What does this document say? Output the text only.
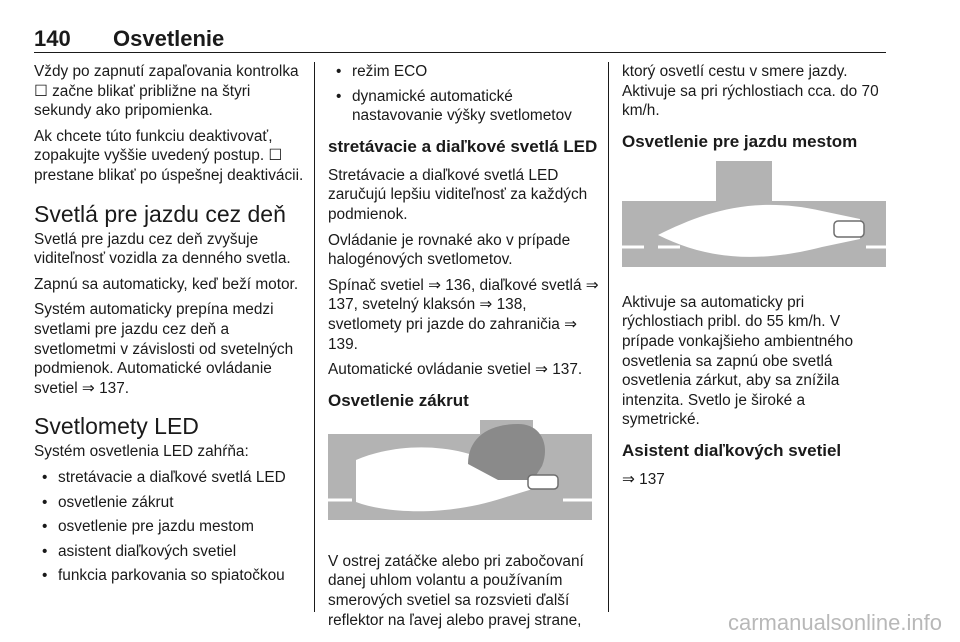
140 Osvetlenie

Vždy po zapnutí zapaľovania kontrolka ☐ začne blikať približne na štyri sekundy ako pripomienka.

Ak chcete túto funkciu deaktivovať, zopakujte vyššie uvedený postup. ☐ prestane blikať po úspešnej deaktivácii.

Svetlá pre jazdu cez deň

Svetlá pre jazdu cez deň zvyšuje viditeľnosť vozidla za denného svetla.

Zapnú sa automaticky, keď beží motor.

Systém automaticky prepína medzi svetlami pre jazdu cez deň a svetlometmi v závislosti od svetelných podmienok. Automatické ovládanie svetiel ⇒ 137.

Svetlomety LED

Systém osvetlenia LED zahŕňa:

• stretávacie a diaľkové svetlá LED
• osvetlenie zákrut
• osvetlenie pre jazdu mestom
• asistent diaľkových svetiel
• funkcia parkovania so spiatočkou
• režim ECO
• dynamické automatické nastavovanie výšky svetlometov
stretávacie a diaľkové svetlá LED

Stretávacie a diaľkové svetlá LED zaručujú lepšiu viditeľnosť za každých podmienok.

Ovládanie je rovnaké ako v prípade halogénových svetlometov.

Spínač svetiel ⇒ 136, diaľkové svetlá ⇒ 137, svetelný klaksón ⇒ 138, svetlomety pri jazde do zahraničia ⇒ 139.

Automatické ovládanie svetiel ⇒ 137.

Osvetlenie zákrut

V ostrej zatáčke alebo pri zabočovaní danej uhlom volantu a používaním smerových svetiel sa rozsvieti ďalší reflektor na ľavej alebo pravej strane,

ktorý osvetlí cestu v smere jazdy. Aktivuje sa pri rýchlostiach cca. do 70 km/h.

Osvetlenie pre jazdu mestom

Aktivuje sa automaticky pri rýchlostiach pribl. do 55 km/h. V prípade vonkajšieho ambientného osvetlenia sa zapnú obe svetlá osvetlenia zárkut, aby sa znížila intenzita. Svetlo je široké a symetrické.

Asistent diaľkových svetiel

⇒ 137

carmanualsonline.info
